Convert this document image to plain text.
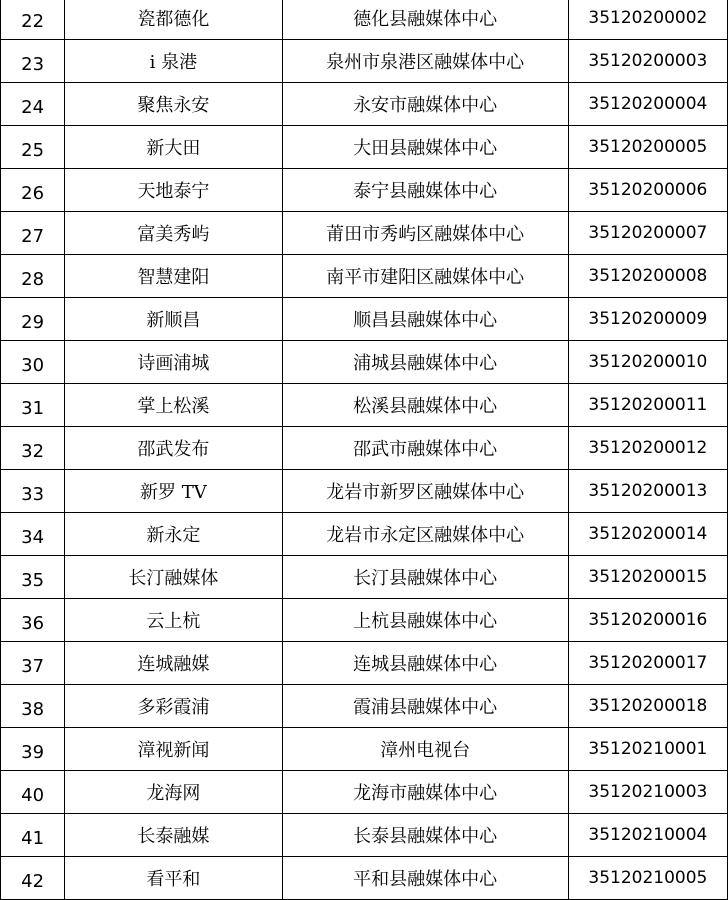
22	瓷都德化	德化县融媒体中心	35120200002
23	i 泉港	泉州市泉港区融媒体中心	35120200003
24	聚焦永安	永安市融媒体中心	35120200004
25	新大田	大田县融媒体中心	35120200005
26	天地泰宁	泰宁县融媒体中心	35120200006
27	富美秀屿	莆田市秀屿区融媒体中心	35120200007
28	智慧建阳	南平市建阳区融媒体中心	35120200008
29	新顺昌	顺昌县融媒体中心	35120200009
30	诗画浦城	浦城县融媒体中心	35120200010
31	掌上松溪	松溪县融媒体中心	35120200011
32	邵武发布	邵武市融媒体中心	35120200012
33	新罗 TV	龙岩市新罗区融媒体中心	35120200013
34	新永定	龙岩市永定区融媒体中心	35120200014
35	长汀融媒体	长汀县融媒体中心	35120200015
36	云上杭	上杭县融媒体中心	35120200016
37	连城融媒	连城县融媒体中心	35120200017
38	多彩霞浦	霞浦县融媒体中心	35120200018
39	漳视新闻	漳州电视台	35120210001
40	龙海网	龙海市融媒体中心	35120210003
41	长泰融媒	长泰县融媒体中心	35120210004
42	看平和	平和县融媒体中心	35120210005
